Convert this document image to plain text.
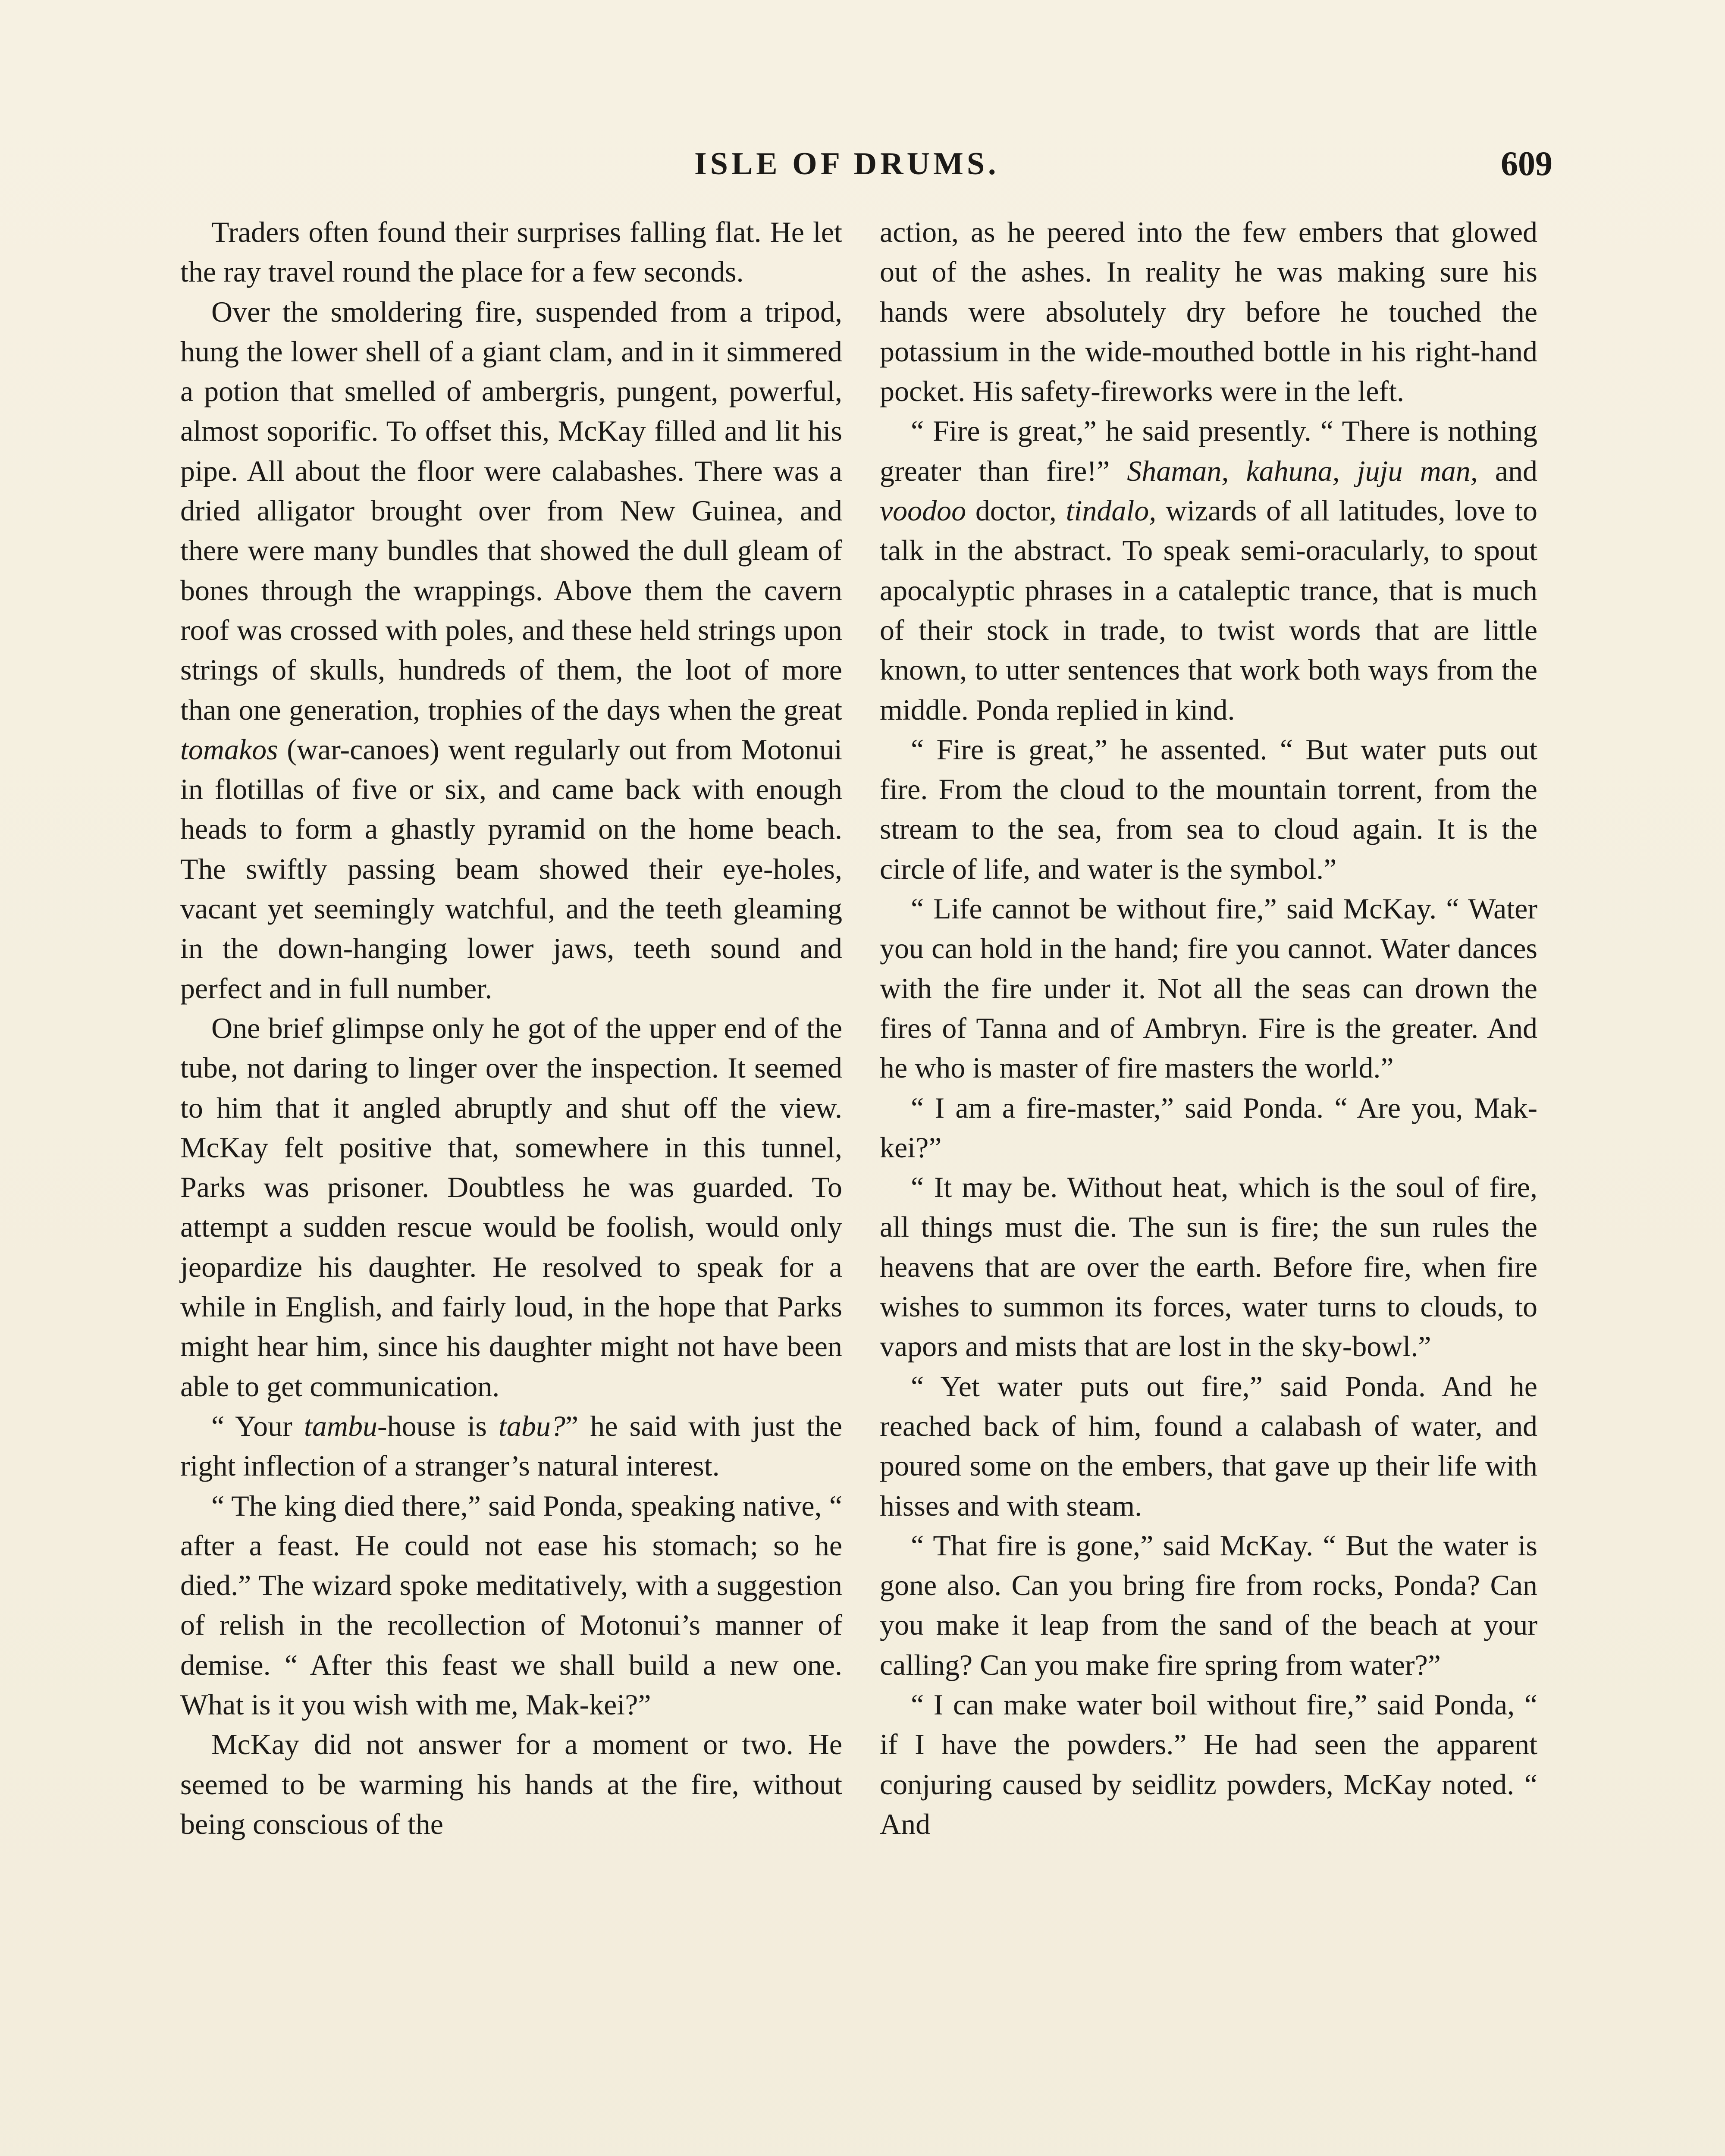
ISLE OF DRUMS.	609

Traders often found their surprises falling flat. He let the ray travel round the place for a few seconds.

Over the smoldering fire, suspended from a tripod, hung the lower shell of a giant clam, and in it simmered a potion that smelled of ambergris, pungent, powerful, almost soporific. To offset this, McKay filled and lit his pipe. All about the floor were calabashes. There was a dried alligator brought over from New Guinea, and there were many bundles that showed the dull gleam of bones through the wrappings. Above them the cavern roof was crossed with poles, and these held strings upon strings of skulls, hundreds of them, the loot of more than one generation, trophies of the days when the great tomakos (war-canoes) went regularly out from Motonui in flotillas of five or six, and came back with enough heads to form a ghastly pyramid on the home beach. The swiftly passing beam showed their eye-holes, vacant yet seemingly watchful, and the teeth gleaming in the down-hanging lower jaws, teeth sound and perfect and in full number.

One brief glimpse only he got of the upper end of the tube, not daring to linger over the inspection. It seemed to him that it angled abruptly and shut off the view. McKay felt positive that, somewhere in this tunnel, Parks was prisoner. Doubtless he was guarded. To attempt a sudden rescue would be foolish, would only jeopardize his daughter. He resolved to speak for a while in English, and fairly loud, in the hope that Parks might hear him, since his daughter might not have been able to get communication.

“ Your tambu-house is tabu?” he said with just the right inflection of a stranger’s natural interest.

“ The king died there,” said Ponda, speaking native, “ after a feast. He could not ease his stomach; so he died.” The wizard spoke meditatively, with a suggestion of relish in the recollection of Motonui’s manner of demise. “ After this feast we shall build a new one. What is it you wish with me, Mak-kei?”

McKay did not answer for a moment or two. He seemed to be warming his hands at the fire, without being conscious of the

action, as he peered into the few embers that glowed out of the ashes. In reality he was making sure his hands were absolutely dry before he touched the potassium in the wide-mouthed bottle in his right-hand pocket. His safety-fireworks were in the left.

“ Fire is great,” he said presently. “ There is nothing greater than fire!” Shaman, kahuna, juju man, and voodoo doctor, tindalo, wizards of all latitudes, love to talk in the abstract. To speak semi-oracularly, to spout apocalyptic phrases in a cataleptic trance, that is much of their stock in trade, to twist words that are little known, to utter sentences that work both ways from the middle. Ponda replied in kind.

“ Fire is great,” he assented. “ But water puts out fire. From the cloud to the mountain torrent, from the stream to the sea, from sea to cloud again. It is the circle of life, and water is the symbol.”

“ Life cannot be without fire,” said McKay. “ Water you can hold in the hand; fire you cannot. Water dances with the fire under it. Not all the seas can drown the fires of Tanna and of Ambryn. Fire is the greater. And he who is master of fire masters the world.”

“ I am a fire-master,” said Ponda. “ Are you, Mak-kei?”

“ It may be. Without heat, which is the soul of fire, all things must die. The sun is fire; the sun rules the heavens that are over the earth. Before fire, when fire wishes to summon its forces, water turns to clouds, to vapors and mists that are lost in the sky-bowl.”

“ Yet water puts out fire,” said Ponda. And he reached back of him, found a calabash of water, and poured some on the embers, that gave up their life with hisses and with steam.

“ That fire is gone,” said McKay. “ But the water is gone also. Can you bring fire from rocks, Ponda? Can you make it leap from the sand of the beach at your calling? Can you make fire spring from water?”

“ I can make water boil without fire,” said Ponda, “ if I have the powders.” He had seen the apparent conjuring caused by seidlitz powders, McKay noted. “ And
